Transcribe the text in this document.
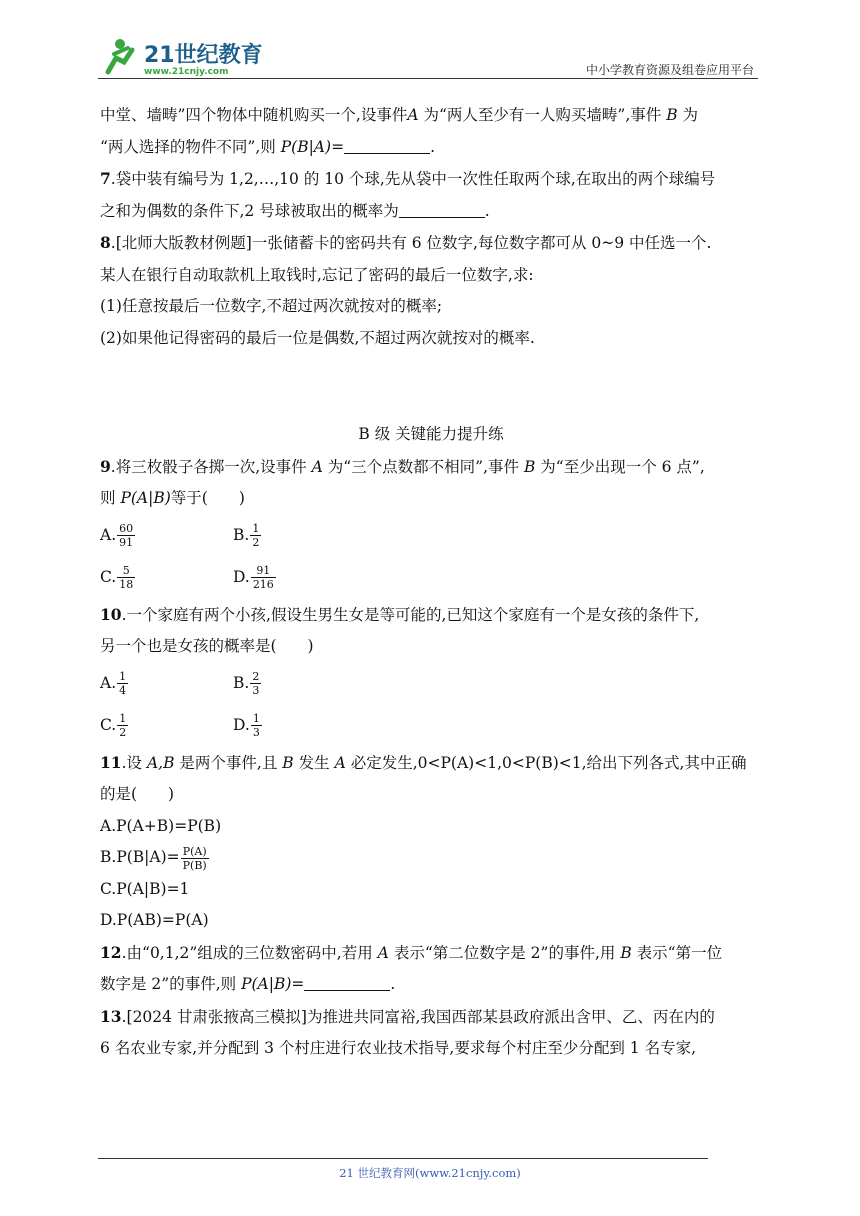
21世纪教育
www.21cnjy.com	中小学教育资源及组卷应用平台
中堂、墙畴”四个物体中随机购买一个,设事件A 为“两人至少有一人购买墙畴”,事件 B 为
“两人选择的物件不同”,则 P(B|A)=	.
7.袋中装有编号为 1,2,…,10 的 10 个球,先从袋中一次性任取两个球,在取出的两个球编号
之和为偶数的条件下,2 号球被取出的概率为	.
8.[北师大版教材例题]一张储蓄卡的密码共有 6 位数字,每位数字都可从 0~9 中任选一个.
某人在银行自动取款机上取钱时,忘记了密码的最后一位数字,求:
(1)任意按最后一位数字,不超过两次就按对的概率;
(2)如果他记得密码的最后一位是偶数,不超过两次就按对的概率.
B 级 关键能力提升练
9.将三枚骰子各掷一次,设事件 A 为“三个点数都不相同”,事件 B 为“至少出现一个 6 点”,
则 P(A|B)等于(　　)
A. $\frac{60}{91}$	B. $\frac{1}{2}$
C. $\frac{5}{18}$	D. $\frac{91}{216}$
10.一个家庭有两个小孩,假设生男生女是等可能的,已知这个家庭有一个是女孩的条件下,
另一个也是女孩的概率是(　　)
A. $\frac{1}{4}$	B. $\frac{2}{3}$
C. $\frac{1}{2}$	D. $\frac{1}{3}$
11.设 A,B 是两个事件,且 B 发生 A 必定发生,0<P(A)<1,0<P(B)<1,给出下列各式,其中正确
的是(　　)
A.P(A+B)=P(B)
$B.P(B|A)= \frac{P(A)}{P(B)}$
C.P(A|B)=1
D.P(AB)=P(A)
12.由“0,1,2”组成的三位数密码中,若用 A 表示“第二位数字是 2”的事件,用 B 表示“第一位
数字是 2”的事件,则 P(A|B)=	.
13.[2024 甘肃张掖高三模拟]为推进共同富裕,我国西部某县政府派出含甲、乙、丙在内的
6 名农业专家,并分配到 3 个村庄进行农业技术指导,要求每个村庄至少分配到 1 名专家,
21 世纪教育网(www.21cnjy.com)
